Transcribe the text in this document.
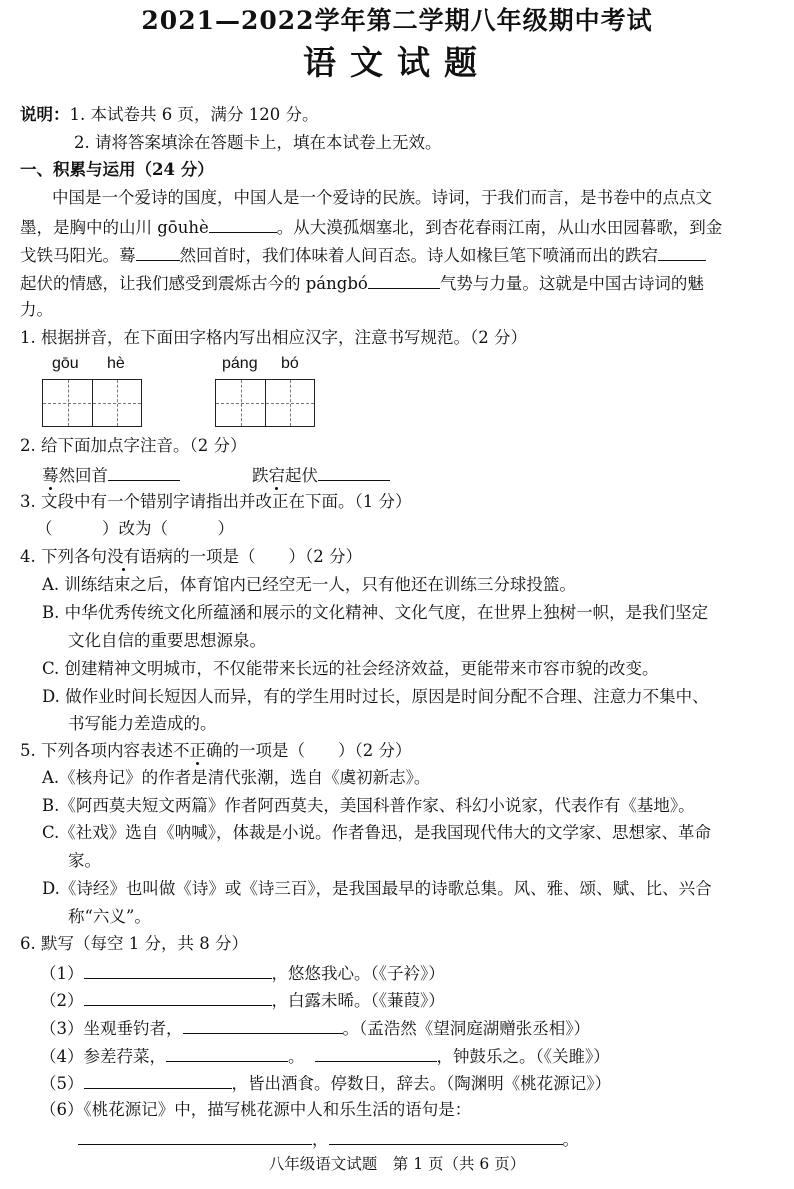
2021—2022学年第二学期八年级期中考试
语文试题
说明：1. 本试卷共 6 页，满分 120 分。
2. 请将答案填涂在答题卡上，填在本试卷上无效。
一、积累与运用（24 分）
中国是一个爱诗的国度，中国人是一个爱诗的民族。诗词，于我们而言，是书卷中的点点文
墨，是胸中的山川 gōuhè	。从大漠孤烟塞北，到杏花春雨江南，从山水田园暮歌，到金
戈铁马阳光。蓦	然回首时，我们体味着人间百态。诗人如椽巨笔下喷涌而出的跌宕
起伏的情感，让我们感受到震烁古今的 pángbó	气势与力量。这就是中国古诗词的魅
力。
1. 根据拼音，在下面田字格内写出相应汉字，注意书写规范。（2 分）
gōu hè	páng bó
2. 给下面加点字注音。（2 分）
蓦然回首	跌宕起伏
3. 文段中有一个错别字请指出并改正在下面。（1 分）
（　　　）改为（　　　）
4. 下列各句没有语病的一项是（　　）（2 分）
A. 训练结束之后，体育馆内已经空无一人，只有他还在训练三分球投篮。
B. 中华优秀传统文化所蕴涵和展示的文化精神、文化气度，在世界上独树一帜，是我们坚定
文化自信的重要思想源泉。
C. 创建精神文明城市，不仅能带来长远的社会经济效益，更能带来市容市貌的改变。
D. 做作业时间长短因人而异，有的学生用时过长，原因是时间分配不合理、注意力不集中、
书写能力差造成的。
5. 下列各项内容表述不正确的一项是（　　）（2 分）
A.《核舟记》的作者是清代张潮，选自《虞初新志》。
B.《阿西莫夫短文两篇》作者阿西莫夫，美国科普作家、科幻小说家，代表作有《基地》。
C.《社戏》选自《呐喊》，体裁是小说。作者鲁迅，是我国现代伟大的文学家、思想家、革命
家。
D.《诗经》也叫做《诗》或《诗三百》，是我国最早的诗歌总集。风、雅、颂、赋、比、兴合
称“六义”。
6. 默写（每空 1 分，共 8 分）
（1）	，悠悠我心。（《子衿》）
（2）	，白露未晞。（《蒹葭》）
（3）坐观垂钓者，	。（孟浩然《望洞庭湖赠张丞相》）
（4）参差荇菜，	。	，钟鼓乐之。（《关雎》）
（5）	，皆出酒食。停数日，辞去。（陶渊明《桃花源记》）
（6）《桃花源记》中，描写桃花源中人和乐生活的语句是：
，	。
八年级语文试题　第 1 页（共 6 页）
